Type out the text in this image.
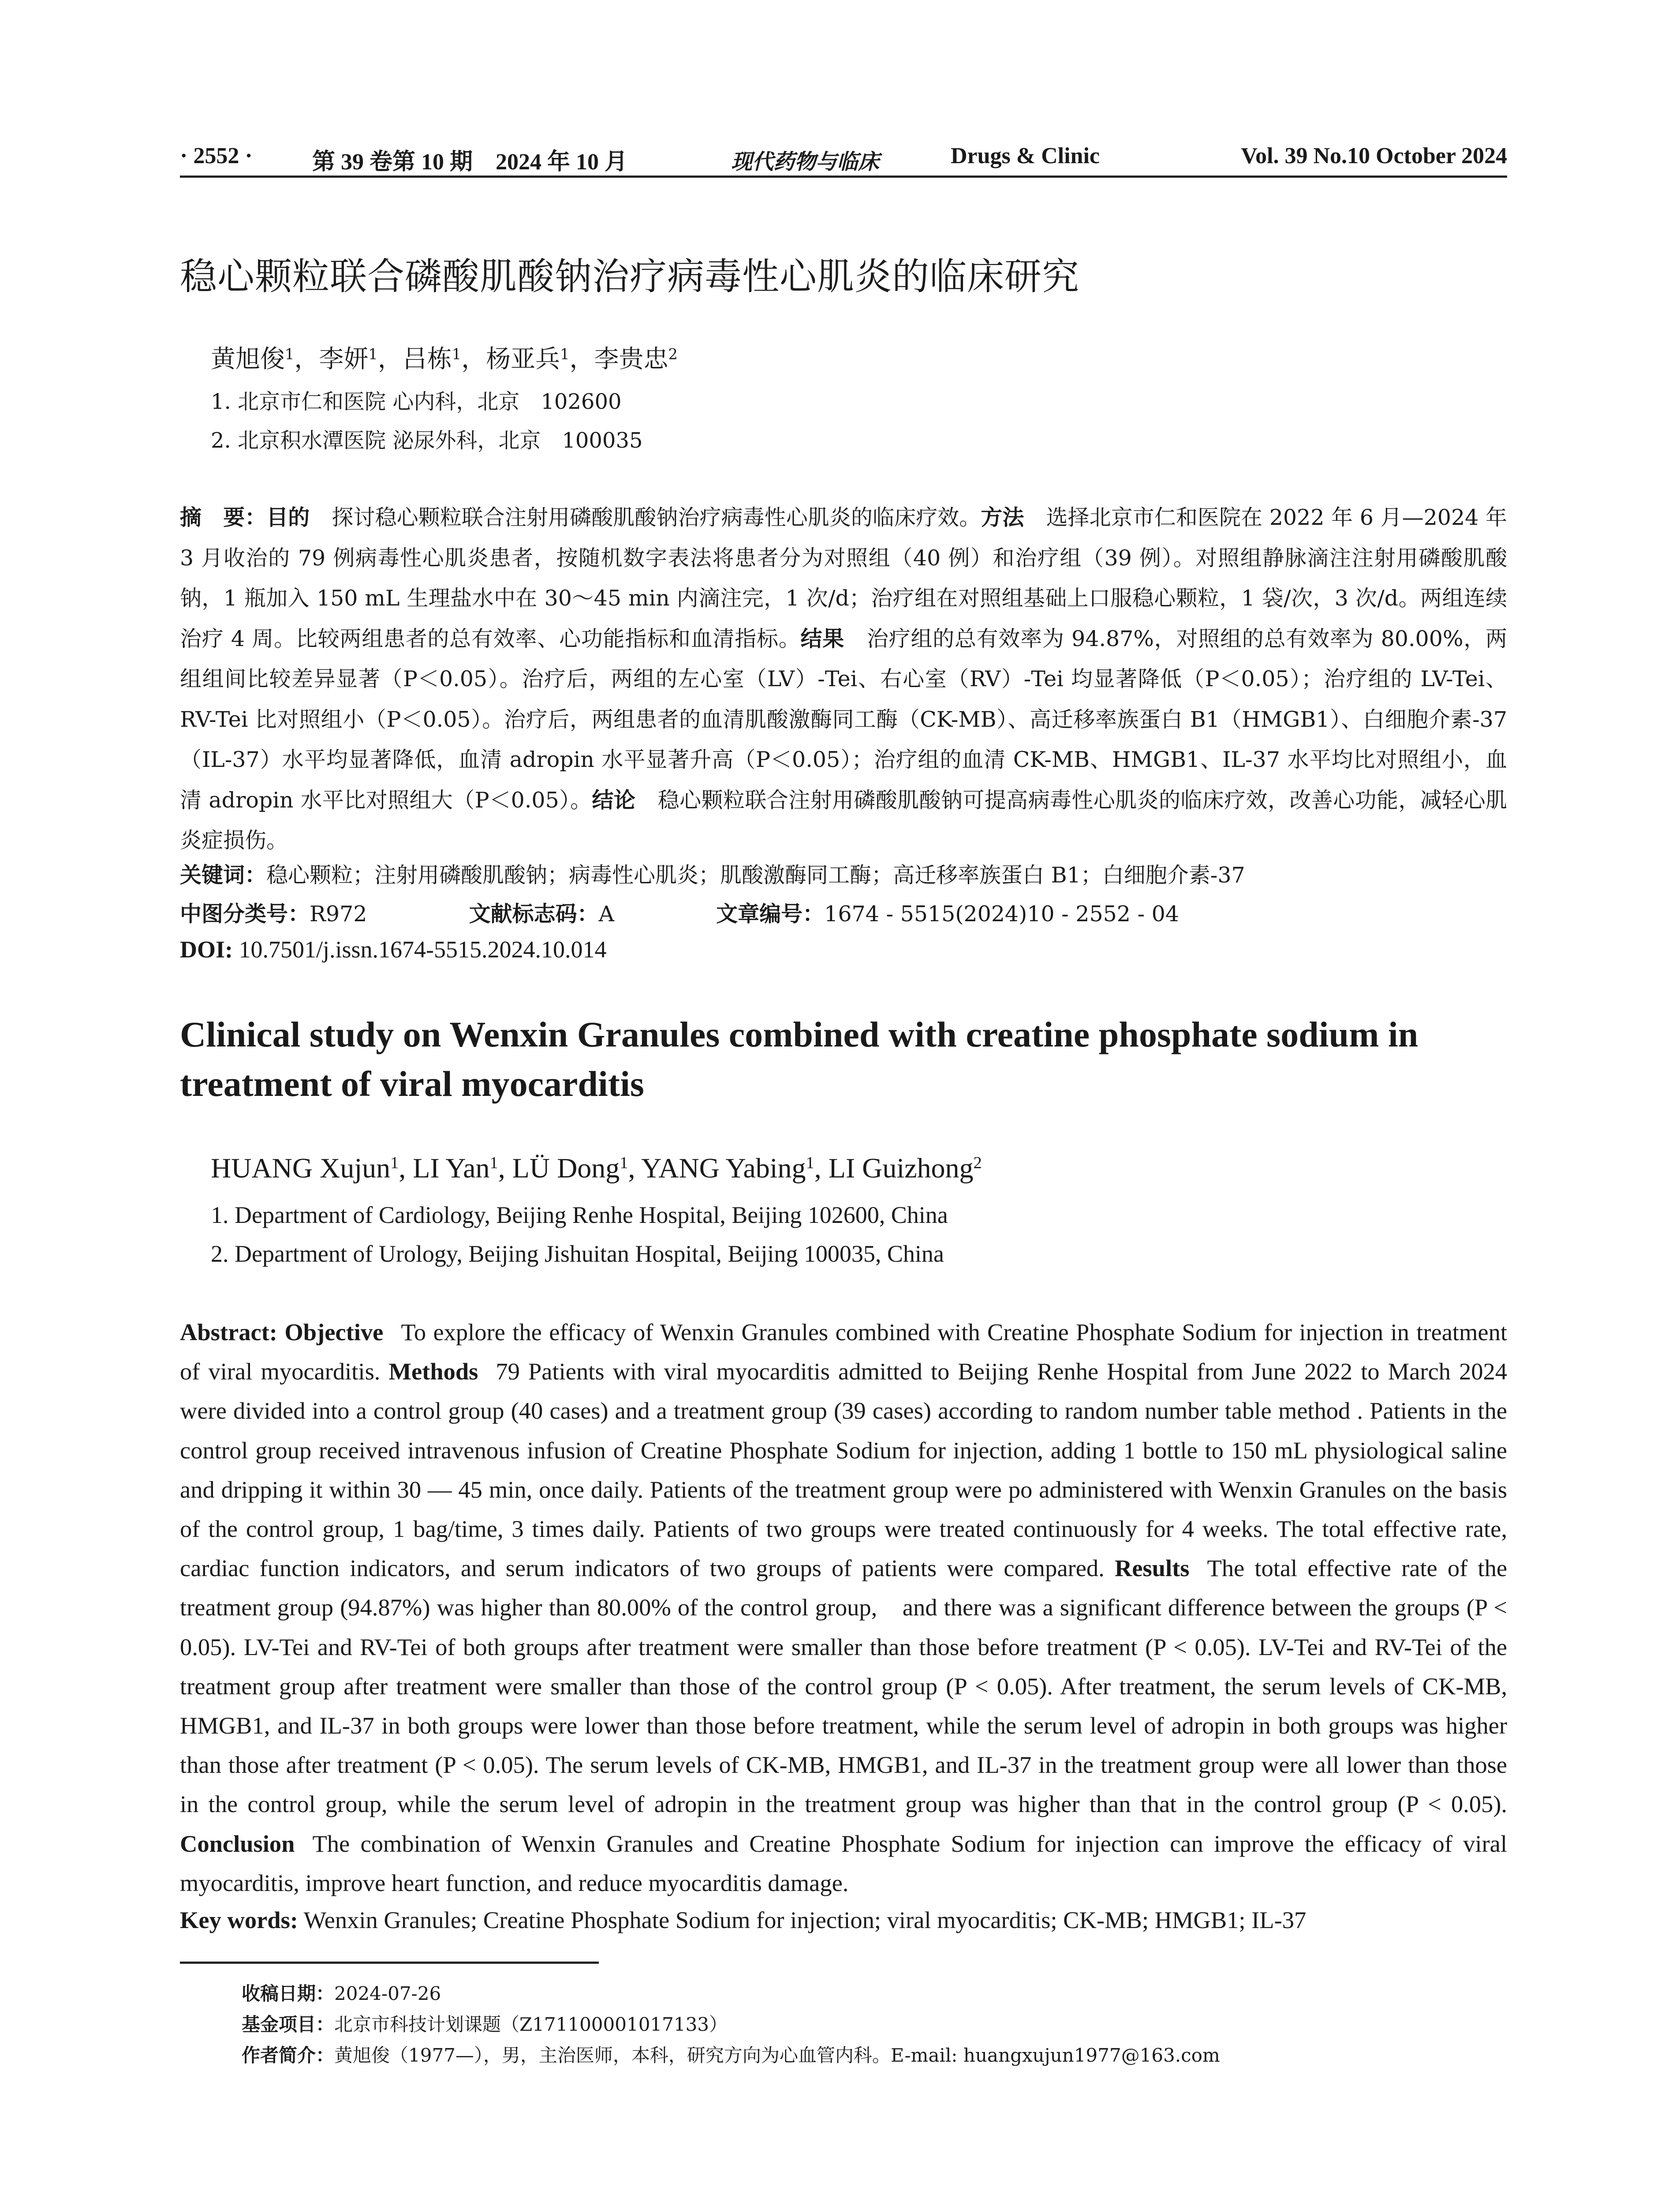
· 2552 ·	第 39 卷第 10 期　2024 年 10 月	现代药物与临床	Drugs & Clinic	Vol. 39 No.10 October 2024
稳心颗粒联合磷酸肌酸钠治疗病毒性心肌炎的临床研究
黄旭俊$^1$，李妍$^1$，吕栋$^1$，杨亚兵$^1$，李贵忠$^2$
1. 北京市仁和医院 心内科，北京　102600
2. 北京积水潭医院 泌尿外科，北京　100035
摘　要：目的 探讨稳心颗粒联合注射用磷酸肌酸钠治疗病毒性心肌炎的临床疗效。方法 选择北京市仁和医院在 2022 年 6 月—2024 年 3 月收治的 79 例病毒性心肌炎患者，按随机数字表法将患者分为对照组（40 例）和治疗组（39 例）。对照组静脉滴注注射用磷酸肌酸钠，1 瓶加入 150 mL 生理盐水中在 30～45 min 内滴注完，1 次/d；治疗组在对照组基础上口服稳心颗粒，1 袋/次，3 次/d。两组连续治疗 4 周。比较两组患者的总有效率、心功能指标和血清指标。结果 治疗组的总有效率为 94.87%，对照组的总有效率为 80.00%，两组组间比较差异显著（P＜0.05）。治疗后，两组的左心室（LV）-Tei、右心室（RV）-Tei 均显著降低（P＜0.05）；治疗组的 LV-Tei、RV-Tei 比对照组小（P＜0.05）。治疗后，两组患者的血清肌酸激酶同工酶（CK-MB）、高迁移率族蛋白 B1（HMGB1）、白细胞介素-37（IL-37）水平均显著降低，血清 adropin 水平显著升高（P＜0.05）；治疗组的血清 CK-MB、HMGB1、IL-37 水平均比对照组小，血清 adropin 水平比对照组大（P＜0.05）。结论 稳心颗粒联合注射用磷酸肌酸钠可提高病毒性心肌炎的临床疗效，改善心功能，减轻心肌炎症损伤。
关键词：稳心颗粒；注射用磷酸肌酸钠；病毒性心肌炎；肌酸激酶同工酶；高迁移率族蛋白 B1；白细胞介素-37
中图分类号：R972	文献标志码：A	文章编号：1674 - 5515(2024)10 - 2552 - 04
DOI: 10.7501/j.issn.1674-5515.2024.10.014
Clinical study on Wenxin Granules combined with creatine phosphate sodium in treatment of viral myocarditis
HUANG Xujun$^1$, LI Yan$^1$, LÜ Dong$^1$, YANG Yabing$^1$, LI Guizhong$^2$
1. Department of Cardiology, Beijing Renhe Hospital, Beijing 102600, China
2. Department of Urology, Beijing Jishuitan Hospital, Beijing 100035, China
Abstract: Objective To explore the efficacy of Wenxin Granules combined with Creatine Phosphate Sodium for injection in treatment of viral myocarditis. Methods 79 Patients with viral myocarditis admitted to Beijing Renhe Hospital from June 2022 to March 2024 were divided into a control group (40 cases) and a treatment group (39 cases) according to random number table method . Patients in the control group received intravenous infusion of Creatine Phosphate Sodium for injection, adding 1 bottle to 150 mL physiological saline and dripping it within 30 — 45 min, once daily. Patients of the treatment group were po administered with Wenxin Granules on the basis of the control group, 1 bag/time, 3 times daily. Patients of two groups were treated continuously for 4 weeks. The total effective rate, cardiac function indicators, and serum indicators of two groups of patients were compared. Results The total effective rate of the treatment group (94.87%) was higher than 80.00% of the control group,　and there was a significant difference between the groups (P < 0.05). LV-Tei and RV-Tei of both groups after treatment were smaller than those before treatment (P < 0.05). LV-Tei and RV-Tei of the treatment group after treatment were smaller than those of the control group (P < 0.05). After treatment, the serum levels of CK-MB, HMGB1, and IL-37 in both groups were lower than those before treatment, while the serum level of adropin in both groups was higher than those after treatment (P < 0.05). The serum levels of CK-MB, HMGB1, and IL-37 in the treatment group were all lower than those in the control group, while the serum level of adropin in the treatment group was higher than that in the control group (P < 0.05). Conclusion The combination of Wenxin Granules and Creatine Phosphate Sodium for injection can improve the efficacy of viral myocarditis, improve heart function, and reduce myocarditis damage.
Key words: Wenxin Granules; Creatine Phosphate Sodium for injection; viral myocarditis; CK-MB; HMGB1; IL-37
收稿日期：2024-07-26
基金项目：北京市科技计划课题（Z171100001017133）
作者简介：黄旭俊（1977—），男，主治医师，本科，研究方向为心血管内科。E-mail: huangxujun1977@163.com
